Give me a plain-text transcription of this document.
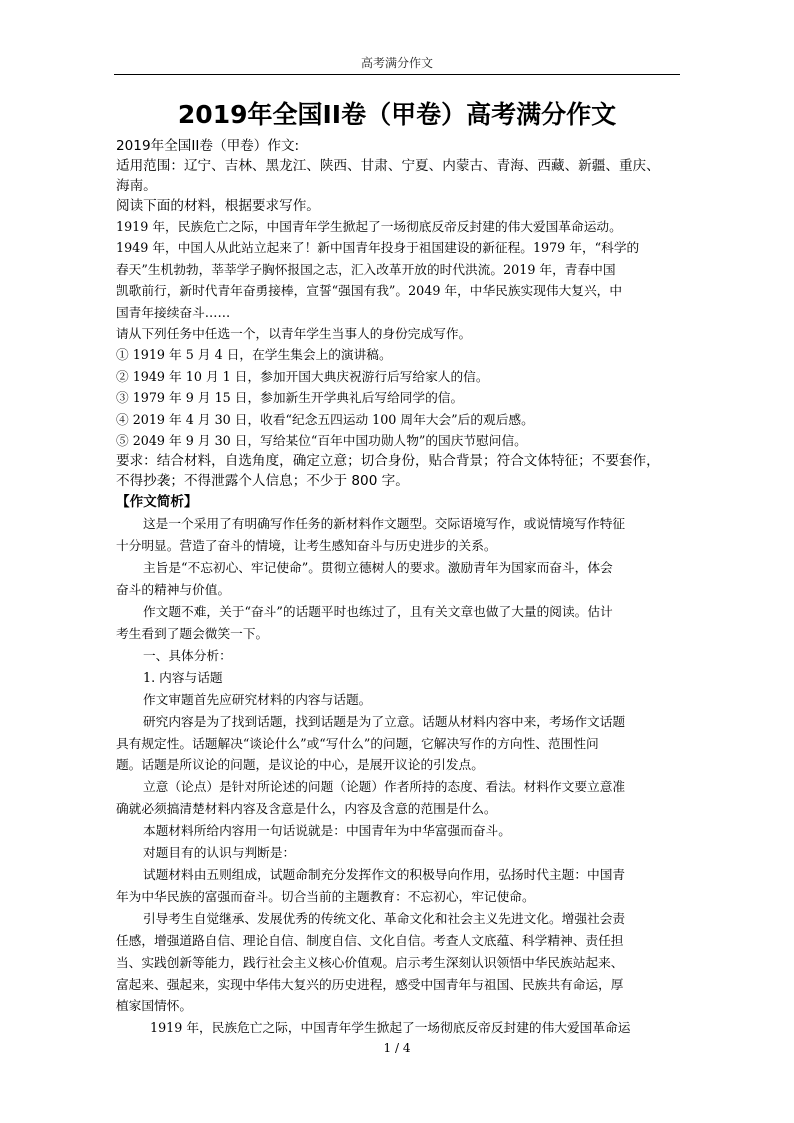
高考满分作文
2019年全国II卷（甲卷）高考满分作文

2019年全国II卷（甲卷）作文:

适用范围：辽宁、吉林、黑龙江、陕西、甘肃、宁夏、内蒙古、青海、西藏、新疆、重庆、

海南。

阅读下面的材料，根据要求写作。

1919 年，民族危亡之际，中国青年学生掀起了一场彻底反帝反封建的伟大爱国革命运动。

1949 年，中国人从此站立起来了！新中国青年投身于祖国建设的新征程。1979 年，“科学的

春天”生机勃勃，莘莘学子胸怀报国之志，汇入改革开放的时代洪流。2019 年，青春中国

凯歌前行，新时代青年奋勇接棒，宣誓“强国有我”。2049 年，中华民族实现伟大复兴，中

国青年接续奋斗……

请从下列任务中任选一个，以青年学生当事人的身份完成写作。

① 1919 年 5 月 4 日，在学生集会上的演讲稿。

② 1949 年 10 月 1 日，参加开国大典庆祝游行后写给家人的信。

③ 1979 年 9 月 15 日，参加新生开学典礼后写给同学的信。

④ 2019 年 4 月 30 日，收看“纪念五四运动 100 周年大会”后的观后感。

⑤ 2049 年 9 月 30 日，写给某位“百年中国功勋人物”的国庆节慰问信。

要求：结合材料，自选角度，确定立意；切合身份，贴合背景；符合文体特征；不要套作，

不得抄袭；不得泄露个人信息；不少于 800 字。

【作文简析】

这是一个采用了有明确写作任务的新材料作文题型。交际语境写作，或说情境写作特征

十分明显。营造了奋斗的情境，让考生感知奋斗与历史进步的关系。

主旨是“不忘初心、牢记使命”。贯彻立德树人的要求。激励青年为国家而奋斗，体会

奋斗的精神与价值。

作文题不难，关于“奋斗”的话题平时也练过了，且有关文章也做了大量的阅读。估计

考生看到了题会微笑一下。

一、具体分析：

1. 内容与话题

作文审题首先应研究材料的内容与话题。

研究内容是为了找到话题，找到话题是为了立意。话题从材料内容中来，考场作文话题

具有规定性。话题解决“谈论什么”或“写什么”的问题，它解决写作的方向性、范围性问

题。话题是所议论的问题，是议论的中心，是展开议论的引发点。

立意（论点）是针对所论述的问题（论题）作者所持的态度、看法。材料作文要立意准

确就必须搞清楚材料内容及含意是什么，内容及含意的范围是什么。

本题材料所给内容用一句话说就是：中国青年为中华富强而奋斗。

对题目有的认识与判断是：

试题材料由五则组成，试题命制充分发挥作文的积极导向作用，弘扬时代主题：中国青

年为中华民族的富强而奋斗。切合当前的主题教育：不忘初心，牢记使命。

引导考生自觉继承、发展优秀的传统文化、革命文化和社会主义先进文化。增强社会责

任感，增强道路自信、理论自信、制度自信、文化自信。考查人文底蕴、科学精神、责任担

当、实践创新等能力，践行社会主义核心价值观。启示考生深刻认识领悟中华民族站起来、

富起来、强起来，实现中华伟大复兴的历史进程，感受中国青年与祖国、民族共有命运，厚

植家国情怀。

1919 年，民族危亡之际，中国青年学生掀起了一场彻底反帝反封建的伟大爱国革命运

1 / 4
